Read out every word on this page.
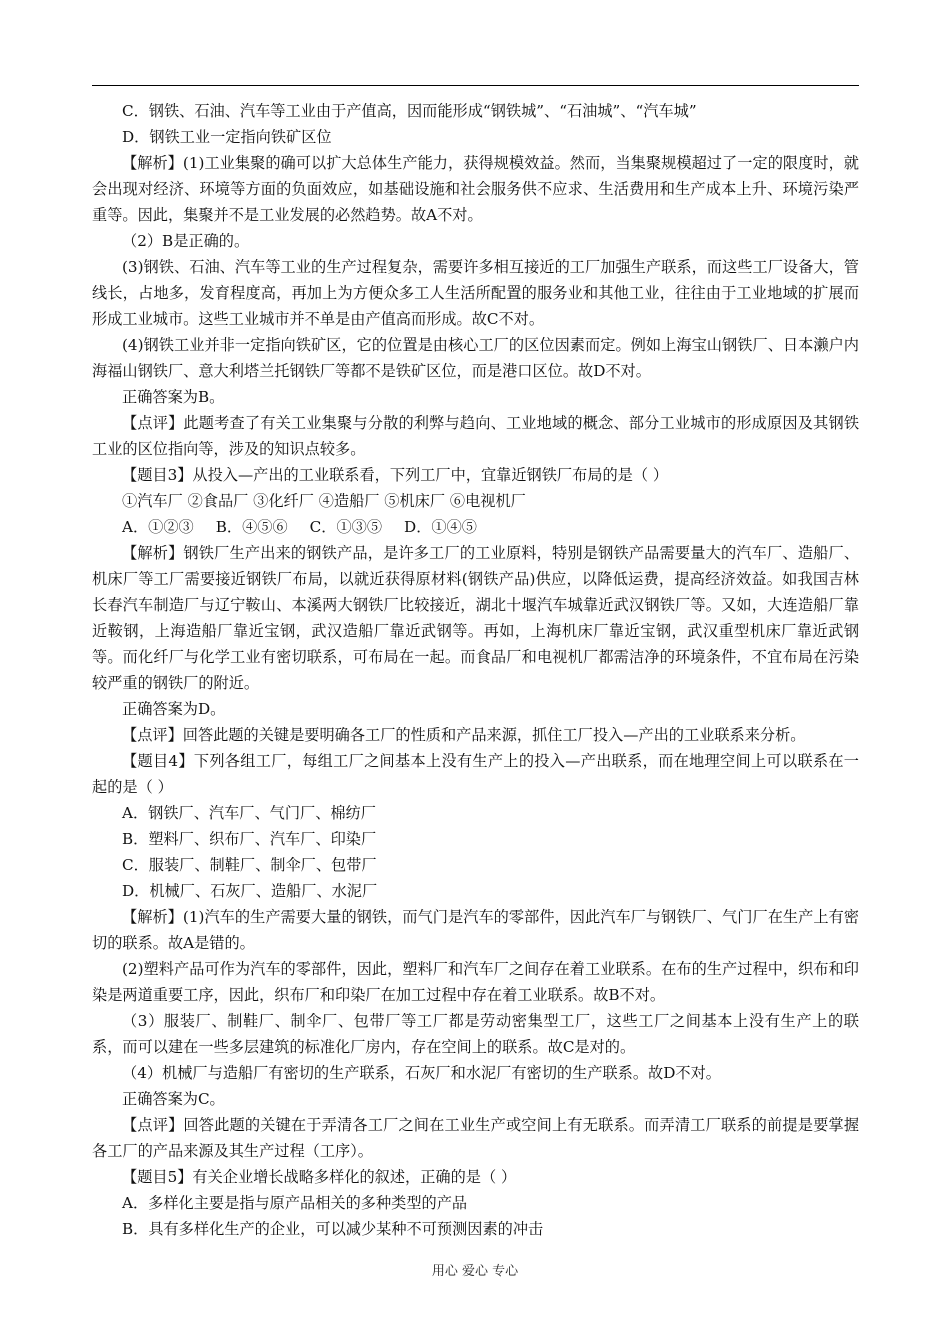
C．钢铁、石油、汽车等工业由于产值高，因而能形成“钢铁城”、“石油城”、“汽车城”

D．钢铁工业一定指向铁矿区位

【解析】(1)工业集聚的确可以扩大总体生产能力，获得规模效益。然而，当集聚规模超过了一定的限度时，就会出现对经济、环境等方面的负面效应，如基础设施和社会服务供不应求、生活费用和生产成本上升、环境污染严重等。因此，集聚并不是工业发展的必然趋势。故A不对。

（2）B是正确的。

(3)钢铁、石油、汽车等工业的生产过程复杂，需要许多相互接近的工厂加强生产联系，而这些工厂设备大，管线长，占地多，发育程度高，再加上为方便众多工人生活所配置的服务业和其他工业，往往由于工业地域的扩展而形成工业城市。这些工业城市并不单是由产值高而形成。故C不对。

(4)钢铁工业并非一定指向铁矿区，它的位置是由核心工厂的区位因素而定。例如上海宝山钢铁厂、日本濑户内海福山钢铁厂、意大利塔兰托钢铁厂等都不是铁矿区位，而是港口区位。故D不对。

正确答案为B。

【点评】此题考查了有关工业集聚与分散的利弊与趋向、工业地域的概念、部分工业城市的形成原因及其钢铁工业的区位指向等，涉及的知识点较多。

【题目3】从投入—产出的工业联系看，下列工厂中，宜靠近钢铁厂布局的是（ ）

①汽车厂 ②食品厂 ③化纤厂 ④造船厂 ⑤机床厂 ⑥电视机厂

A．①②③ B．④⑤⑥ C．①③⑤ D．①④⑤

【解析】钢铁厂生产出来的钢铁产品，是许多工厂的工业原料，特别是钢铁产品需要量大的汽车厂、造船厂、机床厂等工厂需要接近钢铁厂布局，以就近获得原材料(钢铁产品)供应，以降低运费，提高经济效益。如我国吉林长春汽车制造厂与辽宁鞍山、本溪两大钢铁厂比较接近，湖北十堰汽车城靠近武汉钢铁厂等。又如，大连造船厂靠近鞍钢，上海造船厂靠近宝钢，武汉造船厂靠近武钢等。再如，上海机床厂靠近宝钢，武汉重型机床厂靠近武钢等。而化纤厂与化学工业有密切联系，可布局在一起。而食品厂和电视机厂都需洁净的环境条件，不宜布局在污染较严重的钢铁厂的附近。

正确答案为D。

【点评】回答此题的关键是要明确各工厂的性质和产品来源，抓住工厂投入—产出的工业联系来分析。

【题目4】下列各组工厂，每组工厂之间基本上没有生产上的投入—产出联系，而在地理空间上可以联系在一起的是（ ）

A．钢铁厂、汽车厂、气门厂、棉纺厂

B．塑料厂、织布厂、汽车厂、印染厂

C．服装厂、制鞋厂、制伞厂、包带厂

D．机械厂、石灰厂、造船厂、水泥厂

【解析】(1)汽车的生产需要大量的钢铁，而气门是汽车的零部件，因此汽车厂与钢铁厂、气门厂在生产上有密切的联系。故A是错的。

(2)塑料产品可作为汽车的零部件，因此，塑料厂和汽车厂之间存在着工业联系。在布的生产过程中，织布和印染是两道重要工序，因此，织布厂和印染厂在加工过程中存在着工业联系。故B不对。

（3）服装厂、制鞋厂、制伞厂、包带厂等工厂都是劳动密集型工厂，这些工厂之间基本上没有生产上的联系，而可以建在一些多层建筑的标准化厂房内，存在空间上的联系。故C是对的。

（4）机械厂与造船厂有密切的生产联系，石灰厂和水泥厂有密切的生产联系。故D不对。

正确答案为C。

【点评】回答此题的关键在于弄清各工厂之间在工业生产或空间上有无联系。而弄清工厂联系的前提是要掌握各工厂的产品来源及其生产过程（工序）。

【题目5】有关企业增长战略多样化的叙述，正确的是（ ）

A．多样化主要是指与原产品相关的多种类型的产品

B．具有多样化生产的企业，可以减少某种不可预测因素的冲击

用心 爱心 专心
